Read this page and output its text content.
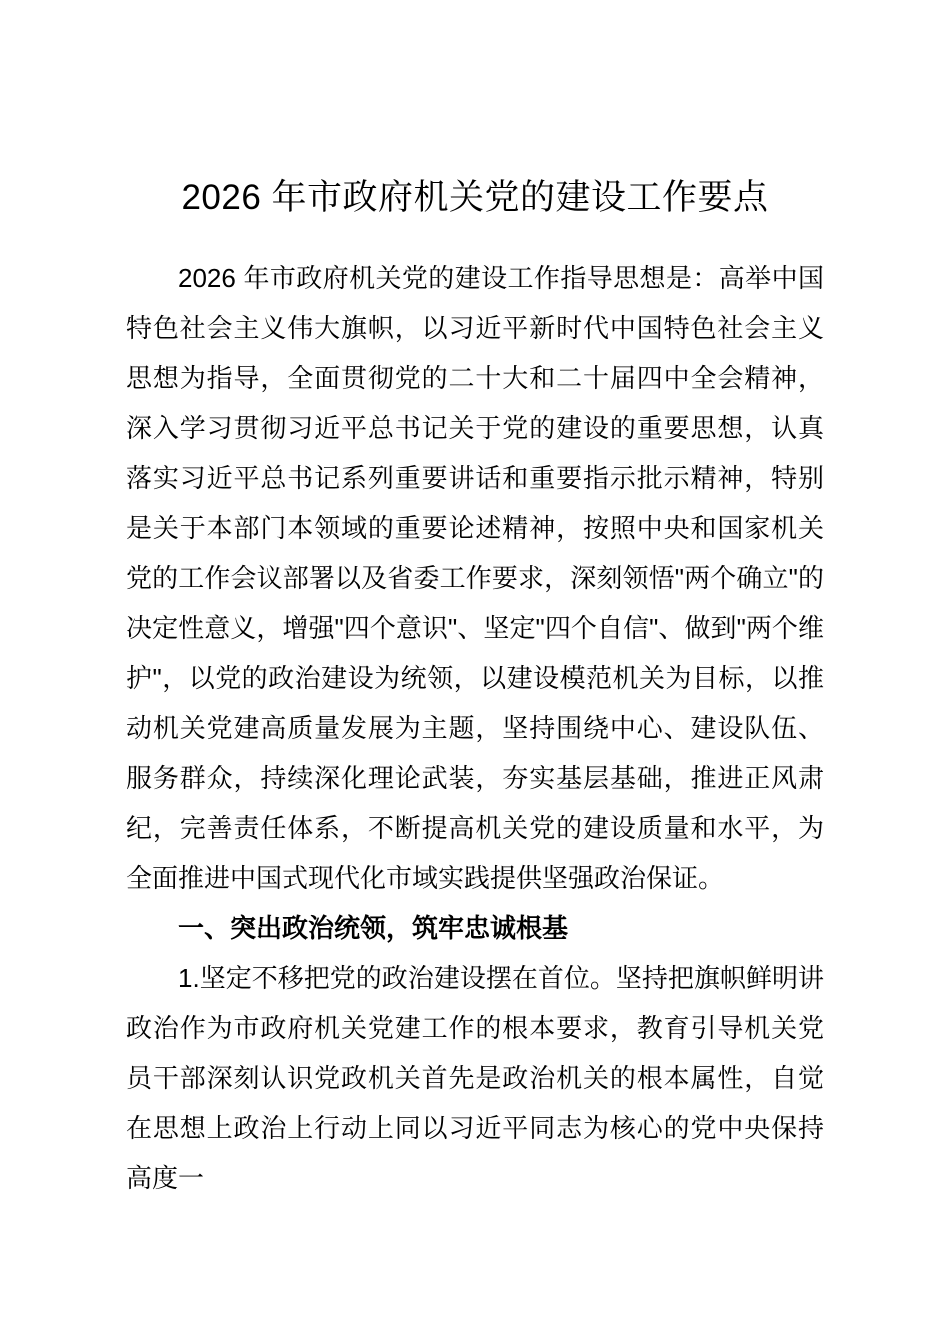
2026 年市政府机关党的建设工作要点

2026 年市政府机关党的建设工作指导思想是：高举中国特色社会主义伟大旗帜，以习近平新时代中国特色社会主义思想为指导，全面贯彻党的二十大和二十届四中全会精神，深入学习贯彻习近平总书记关于党的建设的重要思想，认真落实习近平总书记系列重要讲话和重要指示批示精神，特别是关于本部门本领域的重要论述精神，按照中央和国家机关党的工作会议部署以及省委工作要求，深刻领悟"两个确立"的决定性意义，增强"四个意识"、坚定"四个自信"、做到"两个维护"，以党的政治建设为统领，以建设模范机关为目标，以推动机关党建高质量发展为主题，坚持围绕中心、建设队伍、服务群众，持续深化理论武装，夯实基层基础，推进正风肃纪，完善责任体系，不断提高机关党的建设质量和水平，为全面推进中国式现代化市域实践提供坚强政治保证。

一、突出政治统领，筑牢忠诚根基

1.坚定不移把党的政治建设摆在首位。坚持把旗帜鲜明讲政治作为市政府机关党建工作的根本要求，教育引导机关党员干部深刻认识党政机关首先是政治机关的根本属性，自觉在思想上政治上行动上同以习近平同志为核心的党中央保持高度一
